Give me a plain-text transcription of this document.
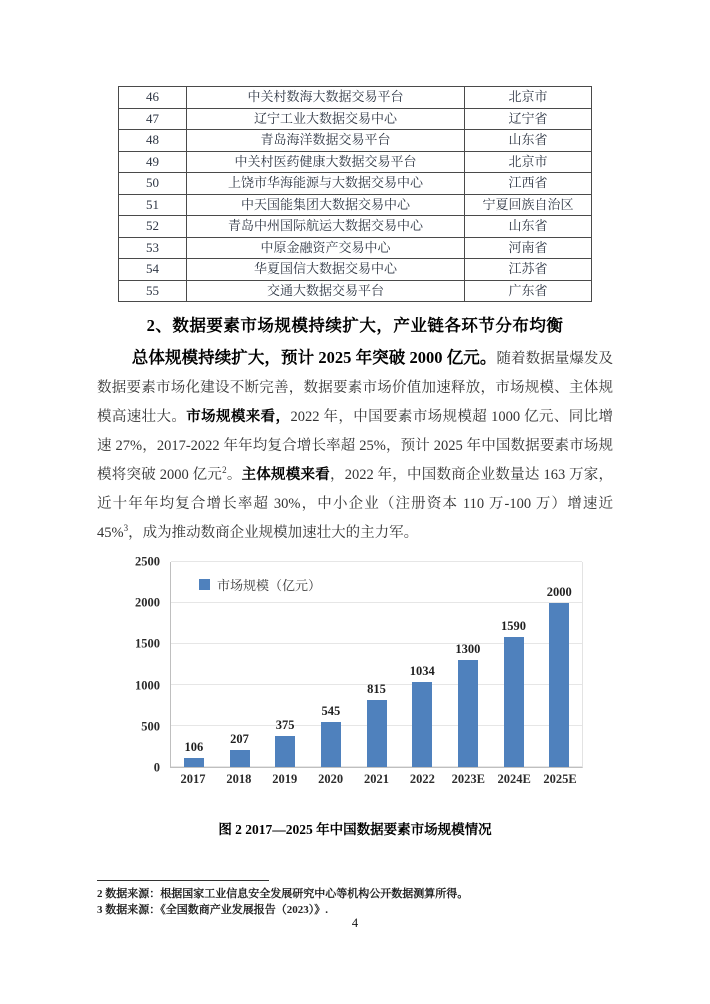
46	中关村数海大数据交易平台	北京市
47	辽宁工业大数据交易中心	辽宁省
48	青岛海洋数据交易平台	山东省
49	中关村医药健康大数据交易平台	北京市
50	上饶市华海能源与大数据交易中心	江西省
51	中天国能集团大数据交易中心	宁夏回族自治区
52	青岛中州国际航运大数据交易中心	山东省
53	中原金融资产交易中心	河南省
54	华夏国信大数据交易中心	江苏省
55	交通大数据交易平台	广东省
2、数据要素市场规模持续扩大，产业链各环节分布均衡

总体规模持续扩大，预计 2025 年突破 2000 亿元。随着数据量爆发及数据要素市场化建设不断完善，数据要素市场价值加速释放，市场规模、主体规模高速壮大。市场规模来看，2022 年，中国要素市场规模超 1000 亿元、同比增速 27%，2017-2022 年年均复合增长率超 25%，预计 2025 年中国数据要素市场规模将突破 2000 亿元$^2$。主体规模来看，2022 年，中国数商企业数量达 163 万家，近十年年均复合增长率超 30%，中小企业（注册资本 110 万-100 万）增速近 45%$^3$，成为推动数商企业规模加速壮大的主力军。

0
500
1000
1500
2000
2500
106
207
375
545
815
1034
1300
1590
2000
市场规模（亿元）
2017	2018	2019	2020	2021	2022	2023E	2024E	2025E

图 2 2017—2025 年中国数据要素市场规模情况

2 数据来源：根据国家工业信息安全发展研究中心等机构公开数据测算所得。
3 数据来源：《全国数商产业发展报告（2023）》.
4
